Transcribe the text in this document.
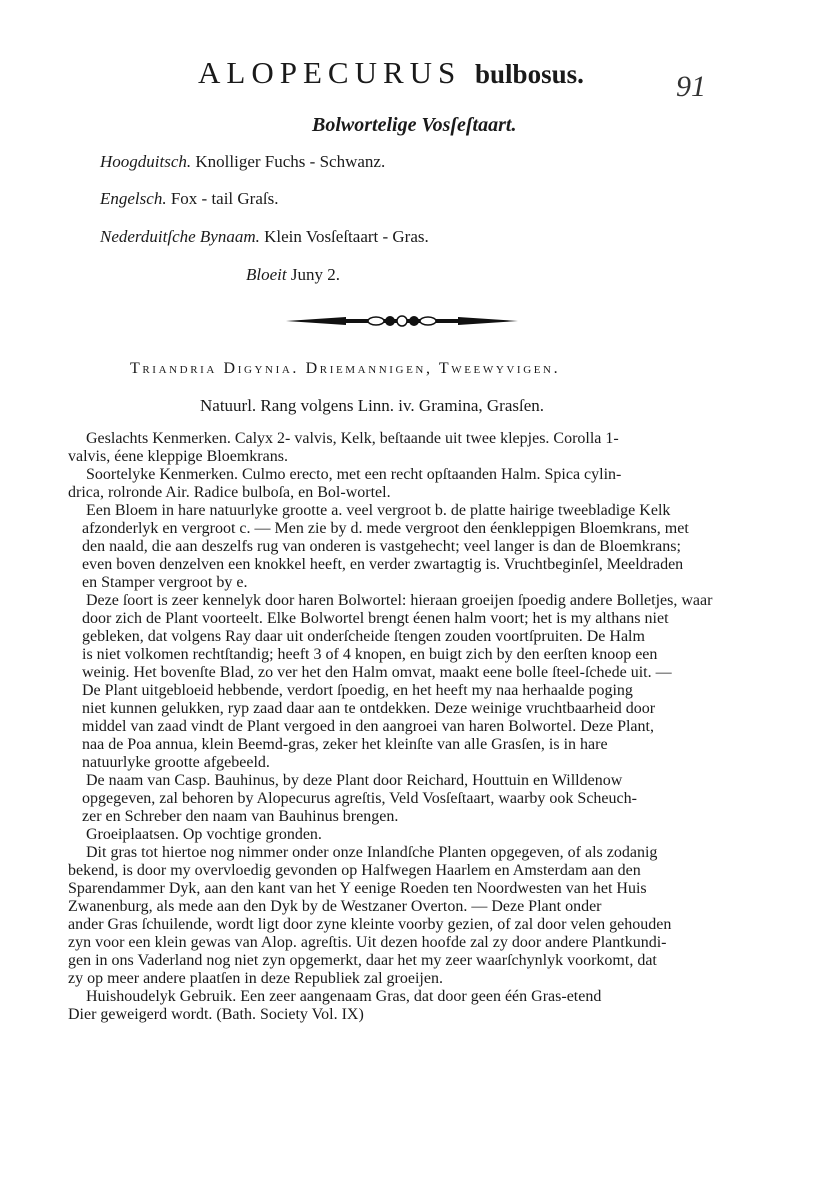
ALOPECURUS bulbosus.	91
Bolwortelige Vosſeſtaart.
Hoogduitsch. Knolliger Fuchs - Schwanz.
Engelsch. Fox - tail Graſs.
Nederduitſche Bynaam. Klein Vosſeſtaart - Gras.
Bloeit Juny 2.
Triandria Digynia. Driemannigen, Tweewyvigen.
Natuurl. Rang volgens Linn. iv. Gramina, Grasſen.
Geslachts Kenmerken. Calyx 2- valvis, Kelk, beſtaande uit twee klepjes. Corolla 1-
valvis, éene kleppige Bloemkrans.
Soortelyke Kenmerken. Culmo erecto, met een recht opſtaanden Halm. Spica cylin-
drica, rolronde Air. Radice bulboſa, en Bol-wortel.
Een Bloem in hare natuurlyke grootte a. veel vergroot b. de platte hairige tweebladige Kelk
afzonderlyk en vergroot c. — Men zie by d. mede vergroot den éenkleppigen Bloemkrans, met
den naald, die aan deszelfs rug van onderen is vastgehecht; veel langer is dan de Bloemkrans;
even boven denzelven een knokkel heeft, en verder zwartagtig is. Vruchtbeginſel, Meeldraden
en Stamper vergroot by e.
Deze ſoort is zeer kennelyk door haren Bolwortel: hieraan groeijen ſpoedig andere Bolletjes, waar
door zich de Plant voorteelt. Elke Bolwortel brengt éenen halm voort; het is my althans niet
gebleken, dat volgens Ray daar uit onderſcheide ſtengen zouden voortſpruiten. De Halm
is niet volkomen rechtſtandig; heeft 3 of 4 knopen, en buigt zich by den eerſten knoop een
weinig. Het bovenſte Blad, zo ver het den Halm omvat, maakt eene bolle ſteel-ſchede uit. —
De Plant uitgebloeid hebbende, verdort ſpoedig, en het heeft my naa herhaalde poging
niet kunnen gelukken, ryp zaad daar aan te ontdekken. Deze weinige vruchtbaarheid door
middel van zaad vindt de Plant vergoed in den aangroei van haren Bolwortel. Deze Plant,
naa de Poa annua, klein Beemd-gras, zeker het kleinſte van alle Grasſen, is in hare
natuurlyke grootte afgebeeld.
De naam van Casp. Bauhinus, by deze Plant door Reichard, Houttuin en Willdenow
opgegeven, zal behoren by Alopecurus agreſtis, Veld Vosſeſtaart, waarby ook Scheuch-
zer en Schreber den naam van Bauhinus brengen.
Groeiplaatsen. Op vochtige gronden.
Dit gras tot hiertoe nog nimmer onder onze Inlandſche Planten opgegeven, of als zodanig
bekend, is door my overvloedig gevonden op Halfwegen Haarlem en Amsterdam aan den
Sparendammer Dyk, aan den kant van het Y eenige Roeden ten Noordwesten van het Huis
Zwanenburg, als mede aan den Dyk by de Westzaner Overton. — Deze Plant onder
ander Gras ſchuilende, wordt ligt door zyne kleinte voorby gezien, of zal door velen gehouden
zyn voor een klein gewas van Alop. agreſtis. Uit dezen hoofde zal zy door andere Plantkundi-
gen in ons Vaderland nog niet zyn opgemerkt, daar het my zeer waarſchynlyk voorkomt, dat
zy op meer andere plaatſen in deze Republiek zal groeijen.
Huishoudelyk Gebruik. Een zeer aangenaam Gras, dat door geen één Gras-etend
Dier geweigerd wordt. (Bath. Society Vol. IX)
